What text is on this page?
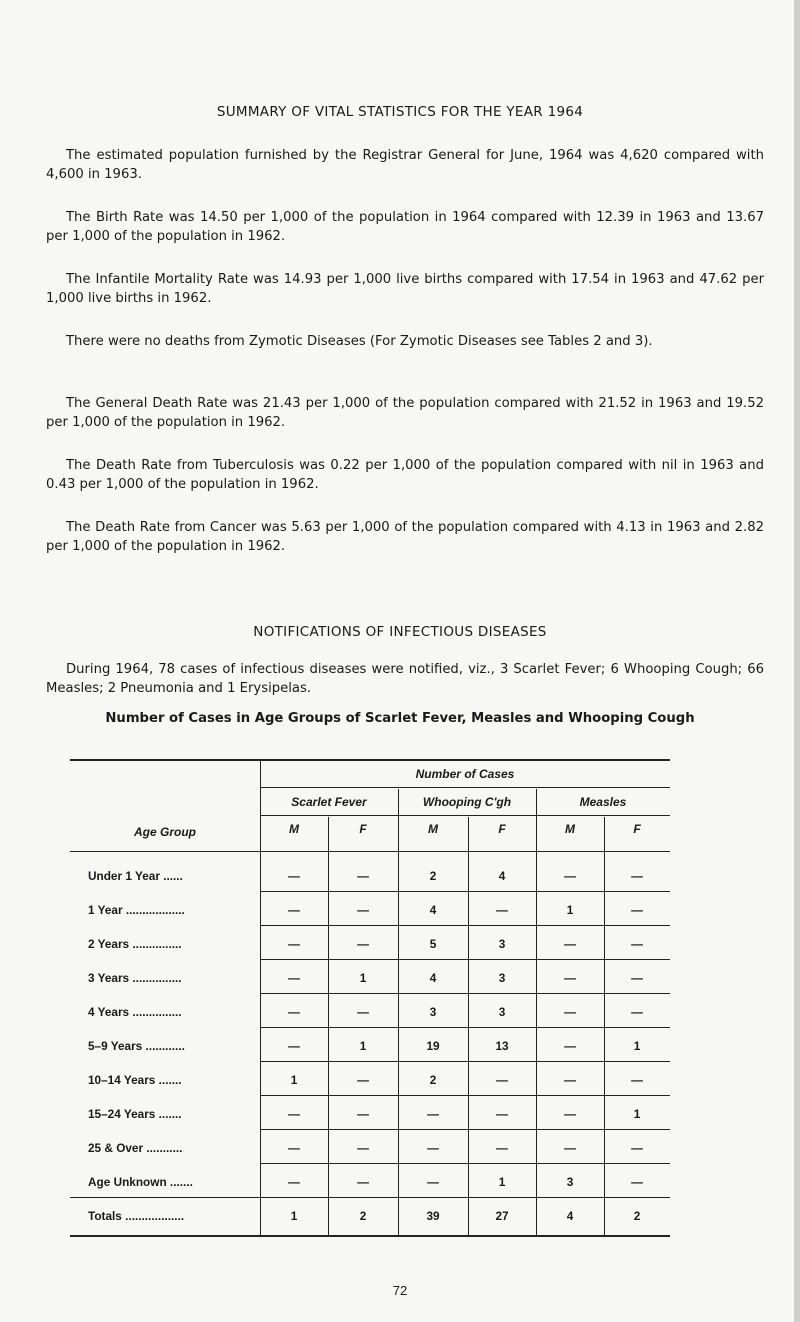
SUMMARY OF VITAL STATISTICS FOR THE YEAR 1964
The estimated population furnished by the Registrar General for June, 1964 was 4,620 compared with 4,600 in 1963.
The Birth Rate was 14.50 per 1,000 of the population in 1964 compared with 12.39 in 1963 and 13.67 per 1,000 of the population in 1962.
The Infantile Mortality Rate was 14.93 per 1,000 live births compared with 17.54 in 1963 and 47.62 per 1,000 live births in 1962.
There were no deaths from Zymotic Diseases (For Zymotic Diseases see Tables 2 and 3).
The General Death Rate was 21.43 per 1,000 of the population compared with 21.52 in 1963 and 19.52 per 1,000 of the population in 1962.
The Death Rate from Tuberculosis was 0.22 per 1,000 of the population compared with nil in 1963 and 0.43 per 1,000 of the population in 1962.
The Death Rate from Cancer was 5.63 per 1,000 of the population compared with 4.13 in 1963 and 2.82 per 1,000 of the population in 1962.
NOTIFICATIONS OF INFECTIOUS DISEASES
During 1964, 78 cases of infectious diseases were notified, viz., 3 Scarlet Fever; 6 Whooping Cough; 66 Measles; 2 Pneumonia and 1 Erysipelas.
Number of Cases in Age Groups of Scarlet Fever, Measles and Whooping Cough
Age Group
Number of Cases
Scarlet Fever	Whooping C'gh	Measles
M	F	M	F	M	F
Under 1 Year ......	—	—	2	4	—	—
1 Year ..................	—	—	4	—	1	—
2 Years ...............	—	—	5	3	—	—
3 Years ...............	—	1	4	3	—	—
4 Years ...............	—	—	3	3	—	—
5–9 Years ............	—	1	19	13	—	1
10–14 Years .......	1	—	2	—	—	—
15–24 Years .......	—	—	—	—	—	1
25 & Over ...........	—	—	—	—	—	—
Age Unknown .......	—	—	—	1	3	—
Totals ..................	1	2	39	27	4	2
72
